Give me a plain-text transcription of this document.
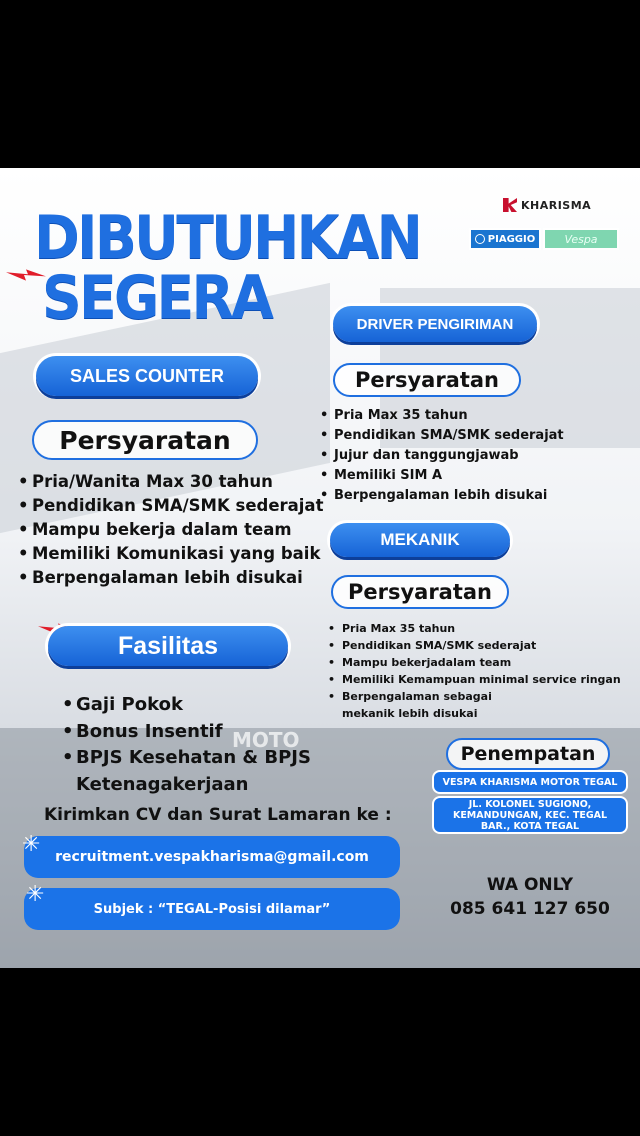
MOTO
DIBUTUHKAN
SEGERA
KHARISMA
PIAGGIO	Vespa
SALES COUNTER
Persyaratan
• Pria/Wanita Max 30 tahun
• Pendidikan SMA/SMK sederajat
• Mampu bekerja dalam team
• Memiliki Komunikasi yang baik
• Berpengalaman lebih disukai
DRIVER PENGIRIMAN
Persyaratan
• Pria Max 35 tahun
• Pendidikan SMA/SMK sederajat
• Jujur dan tanggungjawab
• Memiliki SIM A
• Berpengalaman lebih disukai
MEKANIK
Persyaratan
• Pria Max 35 tahun
• Pendidikan SMA/SMK sederajat
• Mampu bekerjadalam team
• Memiliki Kemampuan minimal service ringan
• Berpengalaman sebagai
mekanik lebih disukai
Fasilitas
• Gaji Pokok
• Bonus Insentif
• BPJS Kesehatan & BPJS
Ketenagakerjaan
Kirimkan CV dan Surat Lamaran ke :
recruitment.vespakharisma@gmail.com
✳
Subjek : “TEGAL-Posisi dilamar”
✳
Penempatan
VESPA KHARISMA MOTOR TEGAL
JL. KOLONEL SUGIONO, KEMANDUNGAN, KEC. TEGAL BAR., KOTA TEGAL
WA ONLY
085 641 127 650
